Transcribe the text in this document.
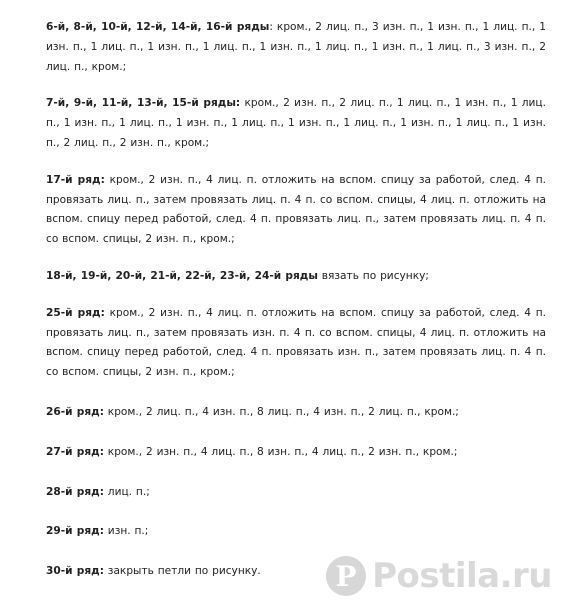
6-й, 8-й, 10-й, 12-й, 14-й, 16-й ряды: кром., 2 лиц. п., 3 изн. п., 1 изн. п., 1 лиц. п., 1 изн. п., 1 лиц. п., 1 изн. п., 1 лиц. п., 1 изн. п., 1 лиц. п., 1 изн. п., 1 лиц. п., 3 изн. п., 2 лиц. п., кром.;

7-й, 9-й, 11-й, 13-й, 15-й ряды: кром., 2 изн. п., 2 лиц. п., 1 лиц. п., 1 изн. п., 1 лиц. п., 1 изн. п., 1 лиц. п., 1 изн. п., 1 лиц. п., 1 изн. п., 1 лиц. п., 1 изн. п., 1 лиц. п., 1 изн. п., 2 лиц. п., 2 изн. п., кром.;

17-й ряд: кром., 2 изн. п., 4 лиц. п. отложить на вспом. спицу за работой, след. 4 п. провязать лиц. п., затем провязать лиц. п. 4 п. со вспом. спицы, 4 лиц. п. отложить на вспом. спицу перед работой, след. 4 п. провязать лиц. п., затем провязать лиц. п. 4 п. со вспом. спицы, 2 изн. п., кром.;

18-й, 19-й, 20-й, 21-й, 22-й, 23-й, 24-й ряды вязать по рисунку;

25-й ряд: кром., 2 изн. п., 4 лиц. п. отложить на вспом. спицу за работой, след. 4 п. провязать лиц. п., затем провязать изн. п. 4 п. со вспом. спицы, 4 лиц. п. отложить на вспом. спицу перед работой, след. 4 п. провязать изн. п., затем провязать лиц. п. 4 п. со вспом. спицы, 2 изн. п., кром.;

26-й ряд: кром., 2 лиц. п., 4 изн. п., 8 лиц. п., 4 изн. п., 2 лиц. п., кром.;

27-й ряд: кром., 2 изн. п., 4 лиц. п., 8 изн. п., 4 лиц. п., 2 изн. п., кром.;

28-й ряд: лиц. п.;

29-й ряд: изн. п.;

30-й ряд: закрыть петли по рисунку.	P Postila.ru
